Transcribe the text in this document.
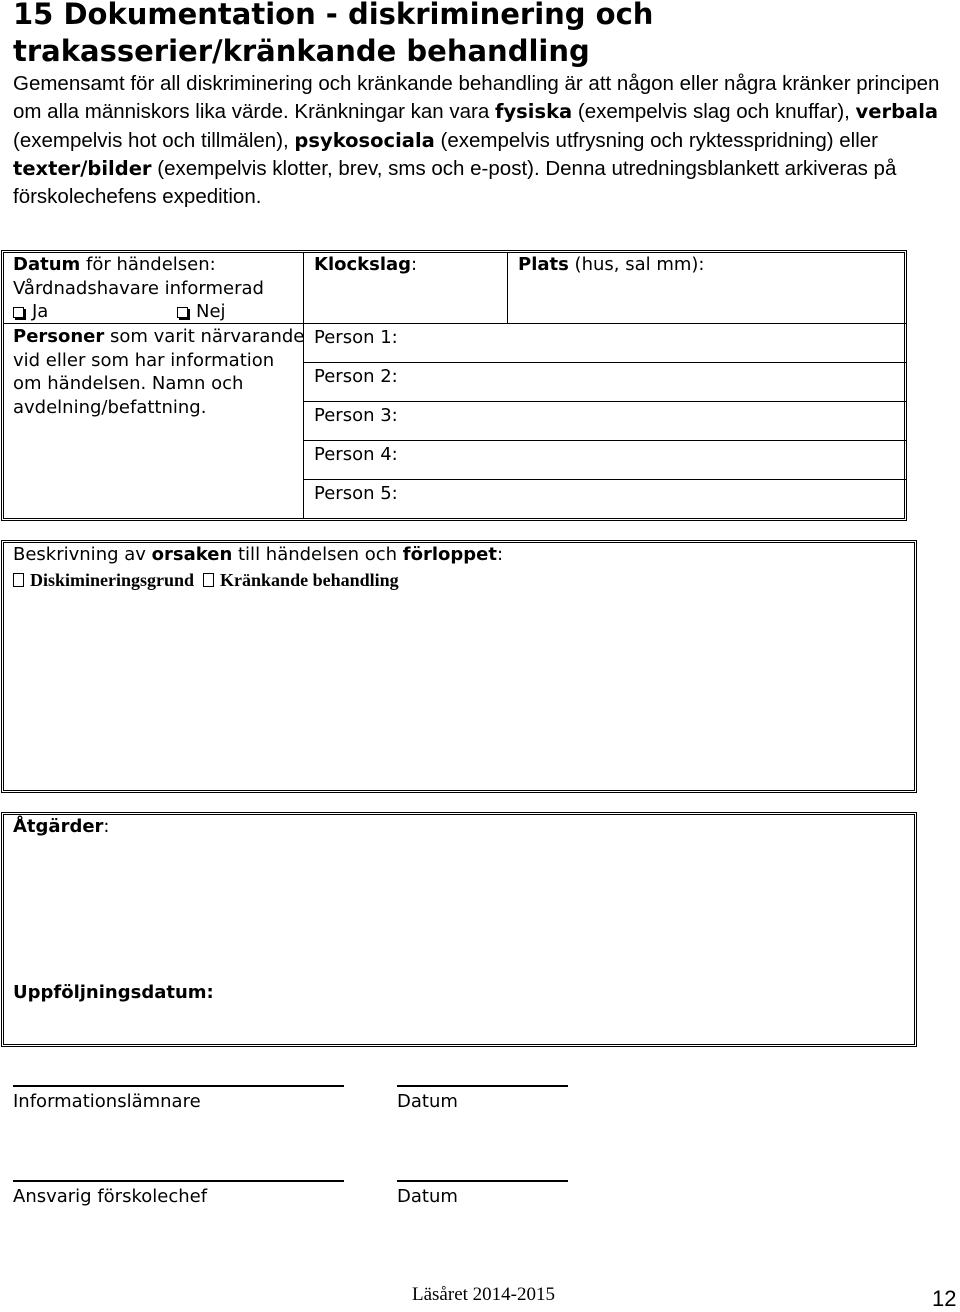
15 Dokumentation - diskriminering och
trakasserier/kränkande behandling
Gemensamt för all diskriminering och kränkande behandling är att någon eller några kränker principen om alla människors lika värde. Kränkningar kan vara fysiska (exempelvis slag och knuffar), verbala (exempelvis hot och tillmälen), psykosociala (exempelvis utfrysning och ryktesspridning) eller texter/bilder (exempelvis klotter, brev, sms och e-post). Denna utredningsblankett arkiveras på förskolechefens expedition.
Datum för händelsen:
Vårdnadshavare informerad
Ja	Nej
Klockslag:	Plats (hus, sal mm):
Personer som varit närvarande
vid eller som har information
om händelsen. Namn och
avdelning/befattning.
Person 1:
Person 2:
Person 3:
Person 4:
Person 5:
Beskrivning av orsaken till händelsen och förloppet:
Diskimineringsgrund Kränkande behandling
Åtgärder:
Uppföljningsdatum:
Informationslämnare	Datum
Ansvarig förskolechef	Datum
Läsåret 2014-2015	12
